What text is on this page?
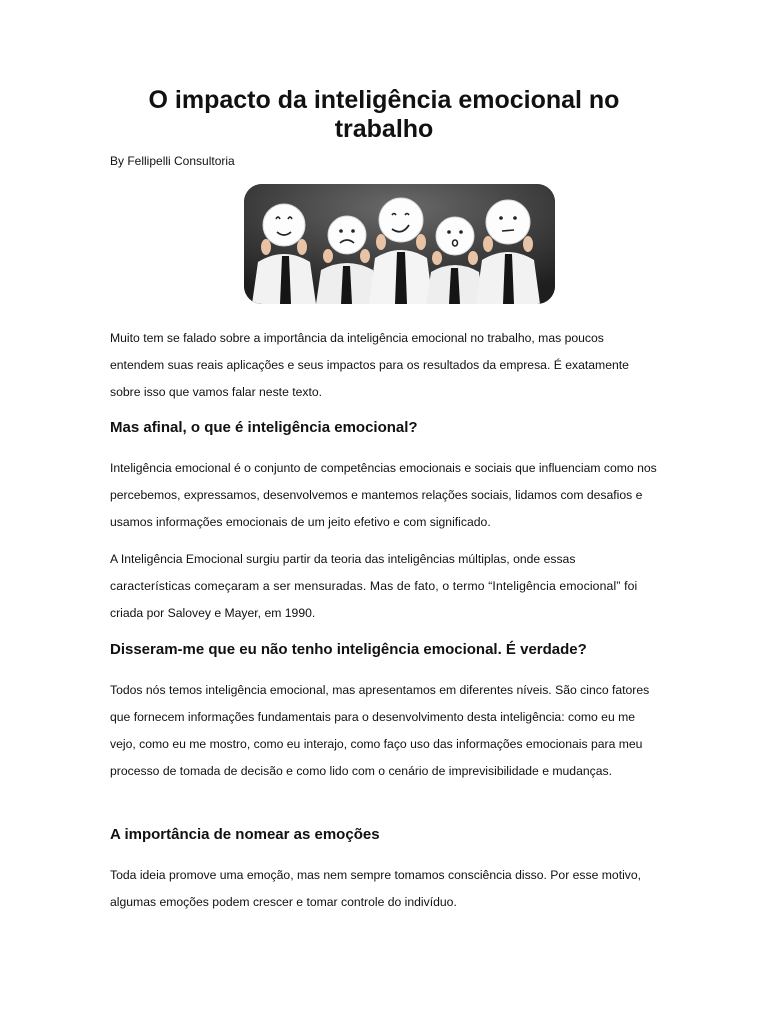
O impacto da inteligência emocional no trabalho

By Fellipelli Consultoria

Muito tem se falado sobre a importância da inteligência emocional no trabalho, mas poucos entendem suas reais aplicações e seus impactos para os resultados da empresa. É exatamente sobre isso que vamos falar neste texto.

Mas afinal, o que é inteligência emocional?

Inteligência emocional é o conjunto de competências emocionais e sociais que influenciam como nos percebemos, expressamos, desenvolvemos e mantemos relações sociais, lidamos com desafios e usamos informações emocionais de um jeito efetivo e com significado.

A Inteligência Emocional surgiu partir da teoria das inteligências múltiplas, onde essas

características começaram a ser mensuradas. Mas de fato, o termo “Inteligência emocional” foi

criada por Salovey e Mayer, em 1990.

Disseram-me que eu não tenho inteligência emocional. É verdade?

Todos nós temos inteligência emocional, mas apresentamos em diferentes níveis. São cinco fatores que fornecem informações fundamentais para o desenvolvimento desta inteligência: como eu me vejo, como eu me mostro, como eu interajo, como faço uso das informações emocionais para meu processo de tomada de decisão e como lido com o cenário de imprevisibilidade e mudanças.

A importância de nomear as emoções

Toda ideia promove uma emoção, mas nem sempre tomamos consciência disso. Por esse motivo, algumas emoções podem crescer e tomar controle do indivíduo.
